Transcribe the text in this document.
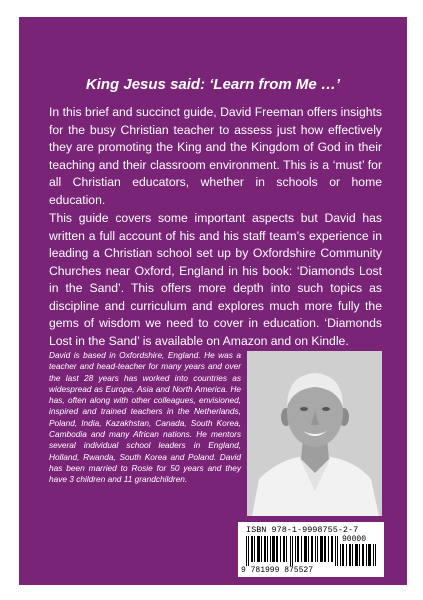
King Jesus said: ‘Learn from Me …’

In this brief and succinct guide, David Freeman offers insights for the busy Christian teacher to assess just how effectively they are promoting the King and the Kingdom of God in their teaching and their classroom environment. This is a ‘must’ for all Christian educators, whether in schools or home education.

This guide covers some important aspects but David has written a full account of his and his staff team’s experience in leading a Christian school set up by Oxfordshire Community Churches near Oxford, England in his book: ‘Diamonds Lost in the Sand’. This offers more depth into such topics as discipline and curriculum and explores much more fully the gems of wisdom we need to cover in education. ‘Diamonds Lost in the Sand’ is available on Amazon and on Kindle.

David is based in Oxfordshire, England. He was a teacher and head-teacher for many years and over the last 28 years has worked into countries as widespread as Europe, Asia and North America. He has, often along with other colleagues, envisioned, inspired and trained teachers in the Netherlands, Poland, India, Kazakhstan, Canada, South Korea, Cambodia and many African nations. He mentors several individual school leaders in England, Holland, Rwanda, South Korea and Poland. David has been married to Rosie for 50 years and they have 3 children and 11 grandchildren.

ISBN 978-1-9998755-2-7
90000
9 781999 875527
